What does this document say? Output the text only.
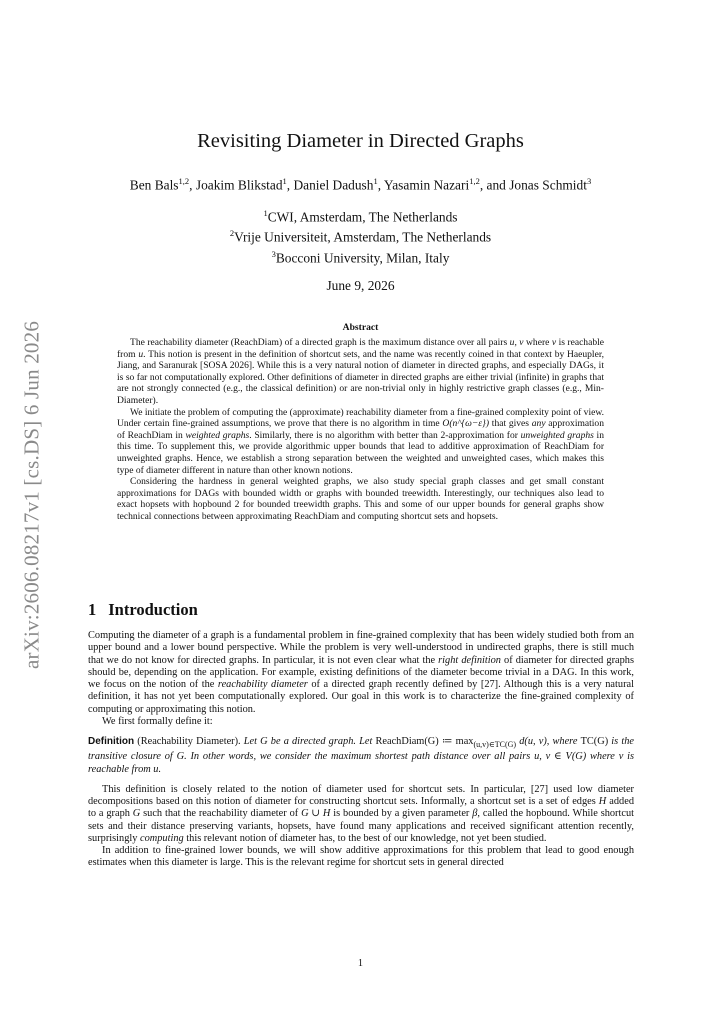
arXiv:2606.08217v1 [cs.DS] 6 Jun 2026
Revisiting Diameter in Directed Graphs
Ben Bals$^{1,2}$, Joakim Blikstad$^1$, Daniel Dadush$^1$, Yasamin Nazari$^{1,2}$, and Jonas Schmidt$^3$
$^1$CWI, Amsterdam, The Netherlands
$^2$Vrije Universiteit, Amsterdam, The Netherlands
$^3$Bocconi University, Milan, Italy
June 9, 2026
Abstract

The reachability diameter (ReachDiam) of a directed graph is the maximum distance over all pairs u, v where v is reachable from u. This notion is present in the definition of shortcut sets, and the name was recently coined in that context by Haeupler, Jiang, and Saranurak [SOSA 2026]. While this is a very natural notion of diameter in directed graphs, and especially DAGs, it is so far not computationally explored. Other definitions of diameter in directed graphs are either trivial (infinite) in graphs that are not strongly connected (e.g., the classical definition) or are non-trivial only in highly restrictive graph classes (e.g., Min-Diameter).

We initiate the problem of computing the (approximate) reachability diameter from a fine-grained complexity point of view. Under certain fine-grained assumptions, we prove that there is no algorithm in time O(n^{ω−ε}) that gives any approximation of ReachDiam in weighted graphs. Similarly, there is no algorithm with better than 2-approximation for unweighted graphs in this time. To supplement this, we provide algorithmic upper bounds that lead to additive approximation of ReachDiam for unweighted graphs. Hence, we establish a strong separation between the weighted and unweighted cases, which makes this type of diameter different in nature than other known notions.

Considering the hardness in general weighted graphs, we also study special graph classes and get small constant approximations for DAGs with bounded width or graphs with bounded treewidth. Interestingly, our techniques also lead to exact hopsets with hopbound 2 for bounded treewidth graphs. This and some of our upper bounds for general graphs show technical connections between approximating ReachDiam and computing shortcut sets and hopsets.

1 Introduction

Computing the diameter of a graph is a fundamental problem in fine-grained complexity that has been widely studied both from an upper bound and a lower bound perspective. While the problem is very well-understood in undirected graphs, there is still much that we do not know for directed graphs. In particular, it is not even clear what the right definition of diameter for directed graphs should be, depending on the application. For example, existing definitions of the diameter become trivial in a DAG. In this work, we focus on the notion of the reachability diameter of a directed graph recently defined by [27]. Although this is a very natural definition, it has not yet been computationally explored. Our goal in this work is to characterize the fine-grained complexity of computing or approximating this notion.

We first formally define it:

Definition (Reachability Diameter). Let G be a directed graph. Let ReachDiam(G) ≔ $\max_{(u,v)\in TC(G)} d(u$, v), where TC(G) is the transitive closure of G. In other words, we consider the maximum shortest path distance over all pairs u, v ∈ V(G) where v is reachable from u.

This definition is closely related to the notion of diameter used for shortcut sets. In particular, [27] used low diameter decompositions based on this notion of diameter for constructing shortcut sets. Informally, a shortcut set is a set of edges H added to a graph G such that the reachability diameter of G ∪ H is bounded by a given parameter β, called the hopbound. While shortcut sets and their distance preserving variants, hopsets, have found many applications and received significant attention recently, surprisingly computing this relevant notion of diameter has, to the best of our knowledge, not yet been studied.

In addition to fine-grained lower bounds, we will show additive approximations for this problem that lead to good enough estimates when this diameter is large. This is the relevant regime for shortcut sets in general directed

1
